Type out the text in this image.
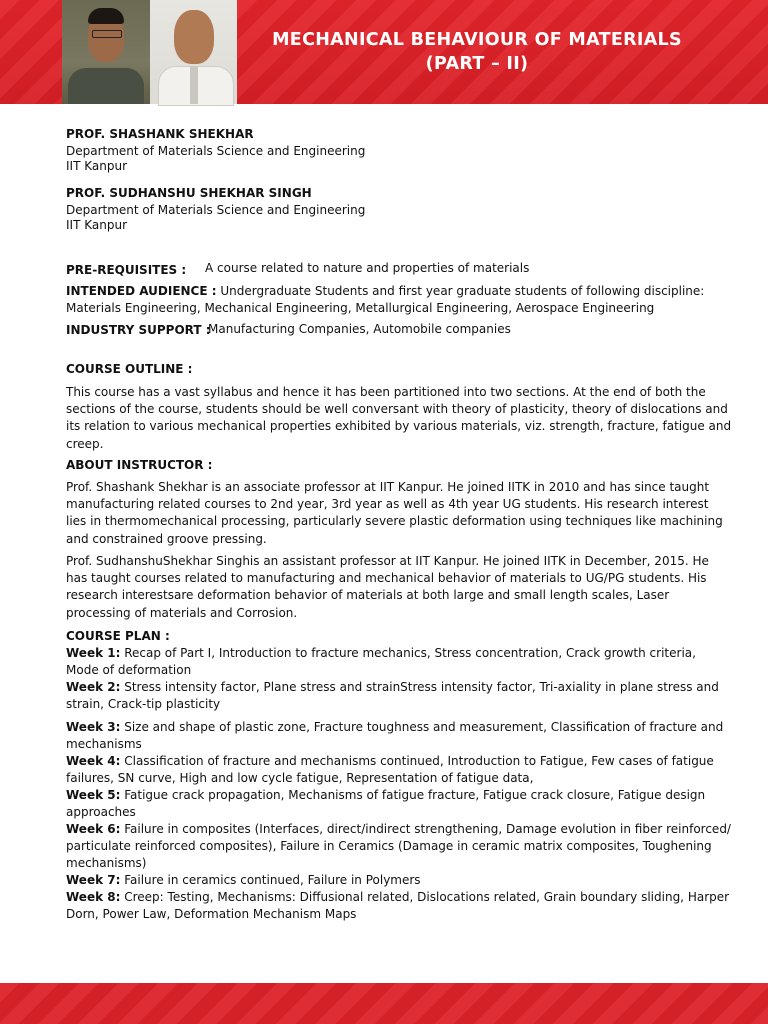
MECHANICAL BEHAVIOUR OF MATERIALS
(PART – II)
PROF. SHASHANK SHEKHAR
Department of Materials Science and Engineering
IIT Kanpur
PROF. SUDHANSHU SHEKHAR SINGH
Department of Materials Science and Engineering
IIT Kanpur
PRE-REQUISITES : A course related to nature and properties of materials
INTENDED AUDIENCE : Undergraduate Students and first year graduate students of following discipline:
Materials Engineering, Mechanical Engineering, Metallurgical Engineering, Aerospace Engineering
INDUSTRY SUPPORT :
Manufacturing Companies, Automobile companies
COURSE OUTLINE :
This course has a vast syllabus and hence it has been partitioned into two sections. At the end of both the sections of the course, students should be well conversant with theory of plasticity, theory of dislocations and its relation to various mechanical properties exhibited by various materials, viz. strength, fracture, fatigue and creep.
ABOUT INSTRUCTOR :
Prof. Shashank Shekhar is an associate professor at IIT Kanpur. He joined IITK in 2010 and has since taught manufacturing related courses to 2nd year, 3rd year as well as 4th year UG students. His research interest lies in thermomechanical processing, particularly severe plastic deformation using techniques like machining and constrained groove pressing.
Prof. SudhanshuShekhar Singhis an assistant professor at IIT Kanpur. He joined IITK in December, 2015. He has taught courses related to manufacturing and mechanical behavior of materials to UG/PG students. His research interestsare deformation behavior of materials at both large and small length scales, Laser processing of materials and Corrosion.
COURSE PLAN :
Week 1: Recap of Part I, Introduction to fracture mechanics, Stress concentration, Crack growth criteria, Mode of deformation
Week 2: Stress intensity factor, Plane stress and strainStress intensity factor, Tri-axiality in plane stress and strain, Crack-tip plasticity
Week 3: Size and shape of plastic zone, Fracture toughness and measurement, Classification of fracture and mechanisms
Week 4: Classification of fracture and mechanisms continued, Introduction to Fatigue, Few cases of fatigue failures, SN curve, High and low cycle fatigue, Representation of fatigue data,
Week 5: Fatigue crack propagation, Mechanisms of fatigue fracture, Fatigue crack closure, Fatigue design approaches
Week 6: Failure in composites (Interfaces, direct/indirect strengthening, Damage evolution in fiber reinforced/ particulate reinforced composites), Failure in Ceramics (Damage in ceramic matrix composites, Toughening mechanisms)
Week 7: Failure in ceramics continued, Failure in Polymers
Week 8: Creep: Testing, Mechanisms: Diffusional related, Dislocations related, Grain boundary sliding, Harper Dorn, Power Law, Deformation Mechanism Maps
